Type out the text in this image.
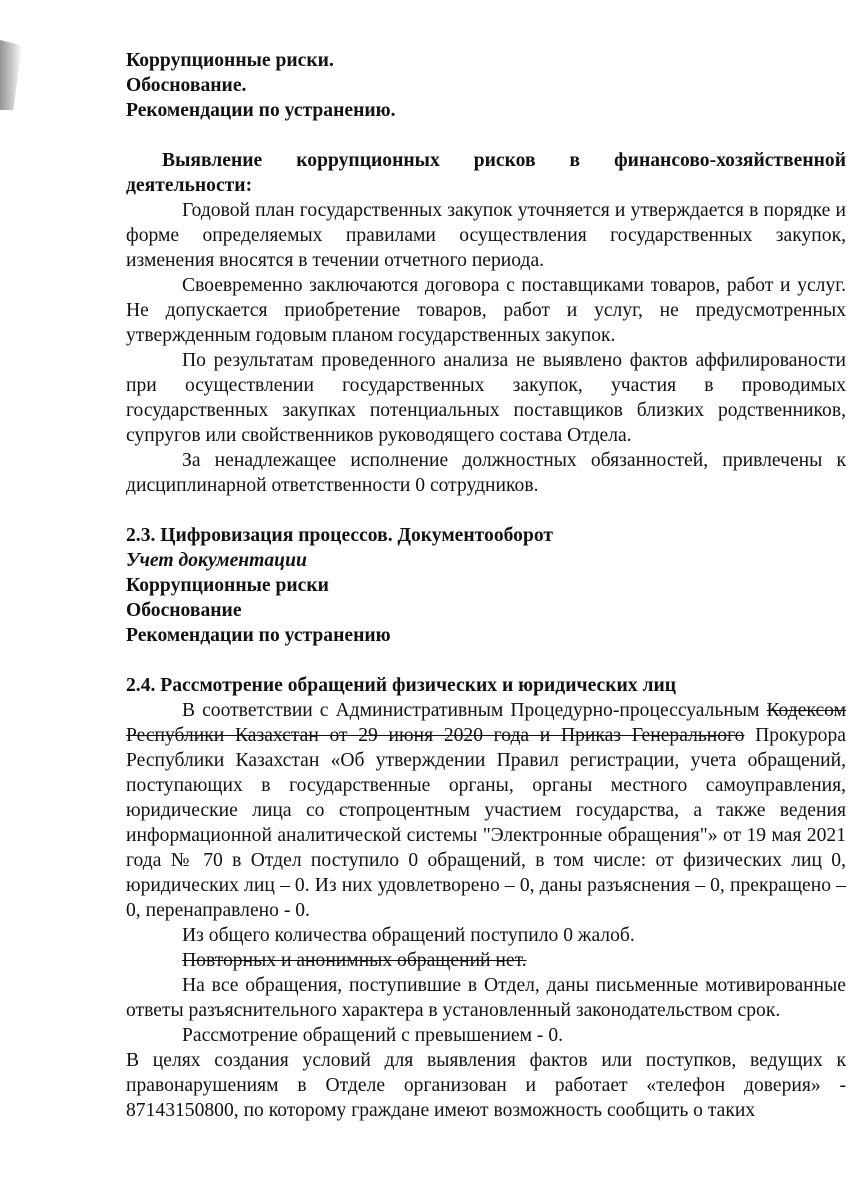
Коррупционные риски.

Обоснование.

Рекомендации по устранению.

Выявление коррупционных рисков в финансово-хозяйственной деятельности:

Годовой план государственных закупок уточняется и утверждается в порядке и форме определяемых правилами осуществления государственных закупок, изменения вносятся в течении отчетного периода.

Своевременно заключаются договора с поставщиками товаров, работ и услуг. Не допускается приобретение товаров, работ и услуг, не предусмотренных утвержденным годовым планом государственных закупок.

По результатам проведенного анализа не выявлено фактов аффилированости при осуществлении государственных закупок, участия в проводимых государственных закупках потенциальных поставщиков близких родственников, супругов или свойственников руководящего состава Отдела.

За ненадлежащее исполнение должностных обязанностей, привлечены к дисциплинарной ответственности 0 сотрудников.

2.3. Цифровизация процессов. Документооборот

Учет документации

Коррупционные риски

Обоснование

Рекомендации по устранению

2.4. Рассмотрение обращений физических и юридических лиц

В соответствии с Административным Процедурно-процессуальным Кодексом Республики Казахстан от 29 июня 2020 года и Приказ Генерального Прокурора Республики Казахстан «Об утверждении Правил регистрации, учета обращений, поступающих в государственные органы, органы местного самоуправления, юридические лица со стопроцентным участием государства, а также ведения информационной аналитической системы "Электронные обращения"» от 19 мая 2021 года № 70 в Отдел поступило 0 обращений, в том числе: от физических лиц 0, юридических лиц – 0. Из них удовлетворено – 0, даны разъяснения – 0, прекращено – 0, перенаправлено - 0.

Из общего количества обращений поступило 0 жалоб.

Повторных и анонимных обращений нет.

На все обращения, поступившие в Отдел, даны письменные мотивированные ответы разъяснительного характера в установленный законодательством срок.

Рассмотрение обращений с превышением - 0.

В целях создания условий для выявления фактов или поступков, ведущих к правонарушениям в Отделе организован и работает «телефон доверия» - 87143150800, по которому граждане имеют возможность сообщить о таких
